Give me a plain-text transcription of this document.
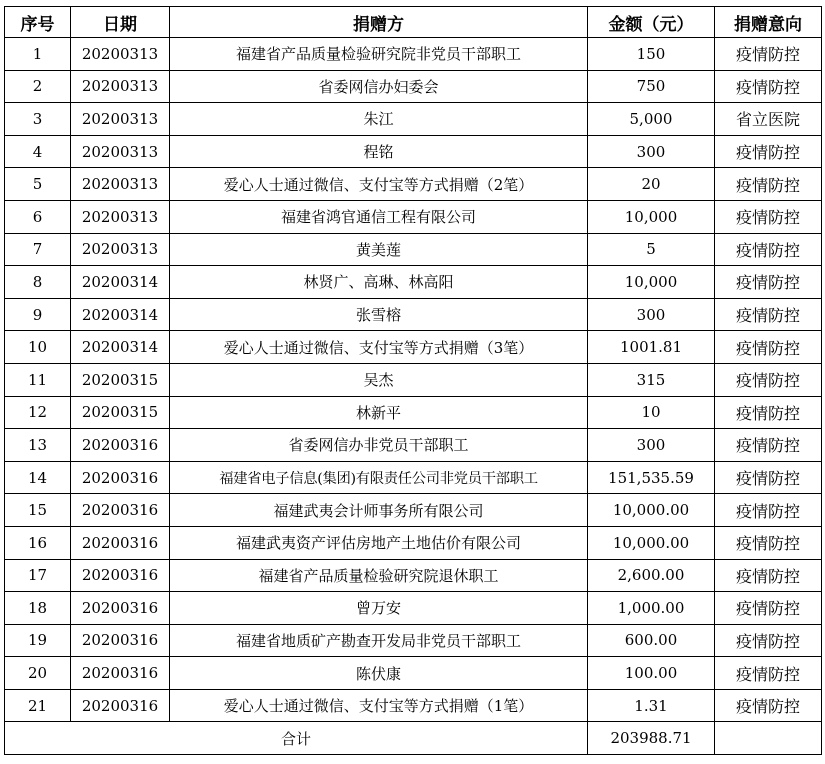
序号	日期	捐赠方	金额（元）	捐赠意向
1	20200313	福建省产品质量检验研究院非党员干部职工	150	疫情防控
2	20200313	省委网信办妇委会	750	疫情防控
3	20200313	朱江	5,000	省立医院
4	20200313	程铭	300	疫情防控
5	20200313	爱心人士通过微信、支付宝等方式捐赠（2笔）	20	疫情防控
6	20200313	福建省鸿官通信工程有限公司	10,000	疫情防控
7	20200313	黄美莲	5	疫情防控
8	20200314	林贤广、高琳、林高阳	10,000	疫情防控
9	20200314	张雪榕	300	疫情防控
10	20200314	爱心人士通过微信、支付宝等方式捐赠（3笔）	1001.81	疫情防控
11	20200315	吴杰	315	疫情防控
12	20200315	林新平	10	疫情防控
13	20200316	省委网信办非党员干部职工	300	疫情防控
14	20200316	福建省电子信息(集团)有限责任公司非党员干部职工	151,535.59	疫情防控
15	20200316	福建武夷会计师事务所有限公司	10,000.00	疫情防控
16	20200316	福建武夷资产评估房地产土地估价有限公司	10,000.00	疫情防控
17	20200316	福建省产品质量检验研究院退休职工	2,600.00	疫情防控
18	20200316	曾万安	1,000.00	疫情防控
19	20200316	福建省地质矿产勘查开发局非党员干部职工	600.00	疫情防控
20	20200316	陈伏康	100.00	疫情防控
21	20200316	爱心人士通过微信、支付宝等方式捐赠（1笔）	1.31	疫情防控
合计			203988.71	
